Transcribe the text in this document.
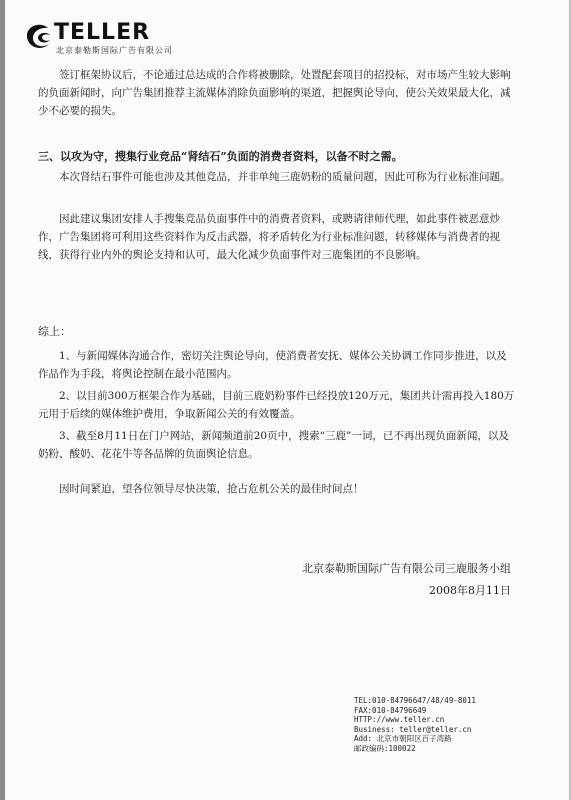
TELLER
北京泰勒斯国际广告有限公司

签订框架协议后，不论通过总达成的合作将被删除，处置配套项目的招投标，对市场产生较大影响的负面新闻时，向广告集团推荐主流媒体消除负面影响的渠道，把握舆论导向，使公关效果最大化，减少不必要的损失。

三、以攻为守，搜集行业竞品“肾结石”负面的消费者资料，以备不时之需。

本次肾结石事件可能也涉及其他竞品，并非单纯三鹿奶粉的质量问题，因此可称为行业标准问题。

因此建议集团安排人手搜集竞品负面事件中的消费者资料，或聘请律师代理，如此事件被恶意炒作，广告集团将可利用这些资料作为反击武器，将矛盾转化为行业标准问题，转移媒体与消费者的视线，获得行业内外的舆论支持和认可，最大化减少负面事件对三鹿集团的不良影响。

综上：

1、与新闻媒体沟通合作，密切关注舆论导向，使消费者安抚、媒体公关协调工作同步推进，以及作品作为手段，将舆论控制在最小范围内。

2、以目前300万框架合作为基础，目前三鹿奶粉事件已经投放120万元，集团共计需再投入180万元用于后续的媒体维护费用，争取新闻公关的有效覆盖。

3、截至8月11日在门户网站，新闻频道前20页中，搜索“三鹿”一词，已不再出现负面新闻，以及奶粉、酸奶、花花牛等各品牌的负面舆论信息。

因时间紧迫，望各位领导尽快决策，抢占危机公关的最佳时间点！

北京泰勒斯国际广告有限公司三鹿服务小组
2008年8月11日
TEL:010-84796647/48/49-8011
FAX:010-84796649
HTTP://www.teller.cn
Business: teller@teller.cn
Add: 北京市朝阳区百子湾路
邮政编码:100022
